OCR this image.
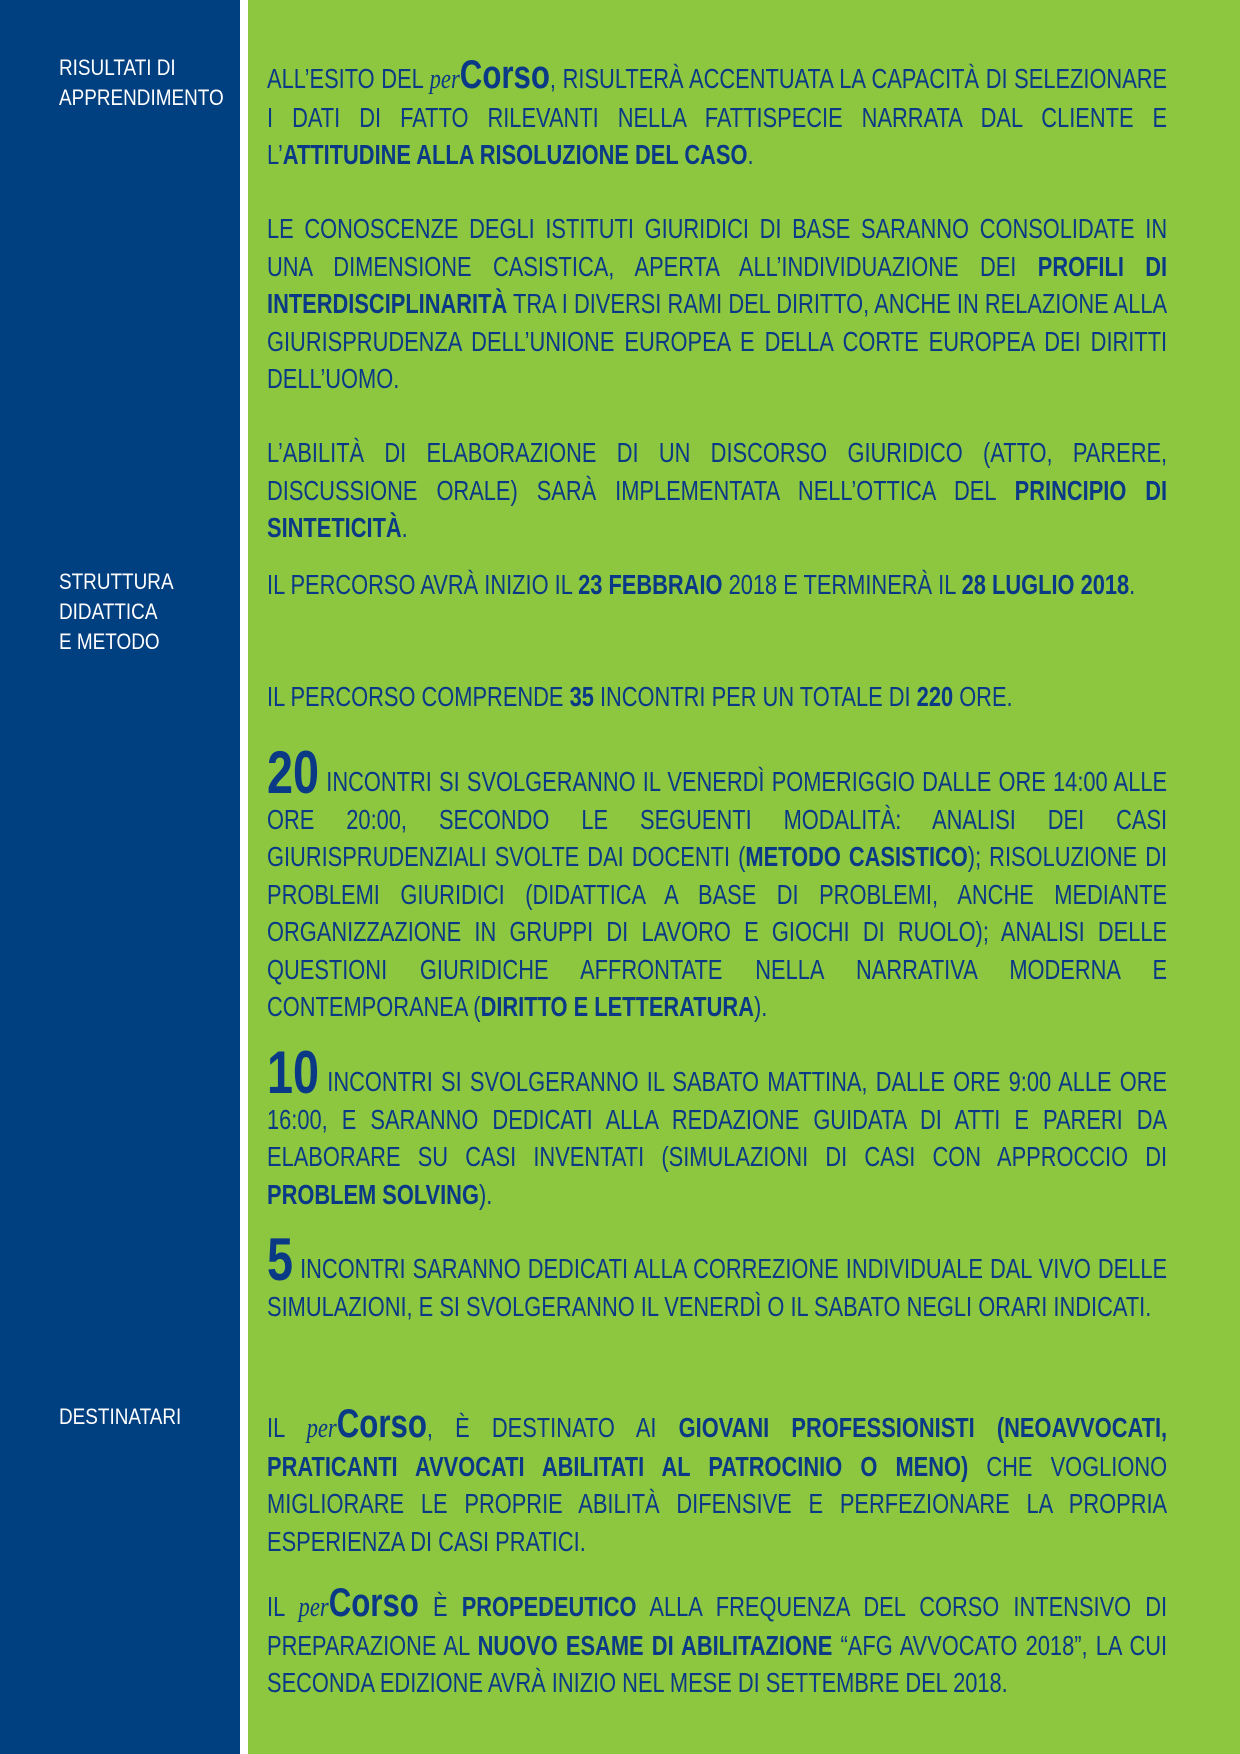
RISULTATI DI
APPRENDIMENTO
STRUTTURA
DIDATTICA
E METODO
DESTINATARI

ALL’ESITO DEL perCorso, RISULTERÀ ACCENTUATA LA CAPACITÀ DI SELEZIONARE I DATI DI FATTO RILEVANTI NELLA FATTISPECIE NARRATA DAL CLIENTE E L’ATTITUDINE ALLA RISOLUZIONE DEL CASO.

LE CONOSCENZE DEGLI ISTITUTI GIURIDICI DI BASE SARANNO CONSOLIDATE IN UNA DIMENSIONE CASISTICA, APERTA ALL’INDIVIDUAZIONE DEI PROFILI DI INTERDISCIPLINARITÀ TRA I DIVERSI RAMI DEL DIRITTO, ANCHE IN RELAZIONE ALLA GIURISPRUDENZA DELL’UNIONE EUROPEA E DELLA CORTE EUROPEA DEI DIRITTI DELL’UOMO.

L’ABILITÀ DI ELABORAZIONE DI UN DISCORSO GIURIDICO (ATTO, PARERE, DISCUSSIONE ORALE) SARÀ IMPLEMENTATA NELL’OTTICA DEL PRINCIPIO DI SINTETICITÀ.

IL PERCORSO AVRÀ INIZIO IL 23 FEBBRAIO 2018 E TERMINERÀ IL 28 LUGLIO 2018.

IL PERCORSO COMPRENDE 35 INCONTRI PER UN TOTALE DI 220 ORE.

20 INCONTRI SI SVOLGERANNO IL VENERDÌ POMERIGGIO DALLE ORE 14:00 ALLE ORE 20:00, SECONDO LE SEGUENTI MODALITÀ: ANALISI DEI CASI GIURISPRUDENZIALI SVOLTE DAI DOCENTI (METODO CASISTICO); RISOLUZIONE DI PROBLEMI GIURIDICI (DIDATTICA A BASE DI PROBLEMI, ANCHE MEDIANTE ORGANIZZAZIONE IN GRUPPI DI LAVORO E GIOCHI DI RUOLO); ANALISI DELLE QUESTIONI GIURIDICHE AFFRONTATE NELLA NARRATIVA MODERNA E CONTEMPORANEA (DIRITTO E LETTERATURA).

10 INCONTRI SI SVOLGERANNO IL SABATO MATTINA, DALLE ORE 9:00 ALLE ORE 16:00, E SARANNO DEDICATI ALLA REDAZIONE GUIDATA DI ATTI E PARERI DA ELABORARE SU CASI INVENTATI (SIMULAZIONI DI CASI CON APPROCCIO DI PROBLEM SOLVING).

5 INCONTRI SARANNO DEDICATI ALLA CORREZIONE INDIVIDUALE DAL VIVO DELLE SIMULAZIONI, E SI SVOLGERANNO IL VENERDÌ O IL SABATO NEGLI ORARI INDICATI.

IL perCorso, È DESTINATO AI GIOVANI PROFESSIONISTI (NEOAVVOCATI, PRATICANTI AVVOCATI ABILITATI AL PATROCINIO O MENO) CHE VOGLIONO MIGLIORARE LE PROPRIE ABILITÀ DIFENSIVE E PERFEZIONARE LA PROPRIA ESPERIENZA DI CASI PRATICI.

IL perCorso È PROPEDEUTICO ALLA FREQUENZA DEL CORSO INTENSIVO DI PREPARAZIONE AL NUOVO ESAME DI ABILITAZIONE “AFG AVVOCATO 2018”, LA CUI SECONDA EDIZIONE AVRÀ INIZIO NEL MESE DI SETTEMBRE DEL 2018.
